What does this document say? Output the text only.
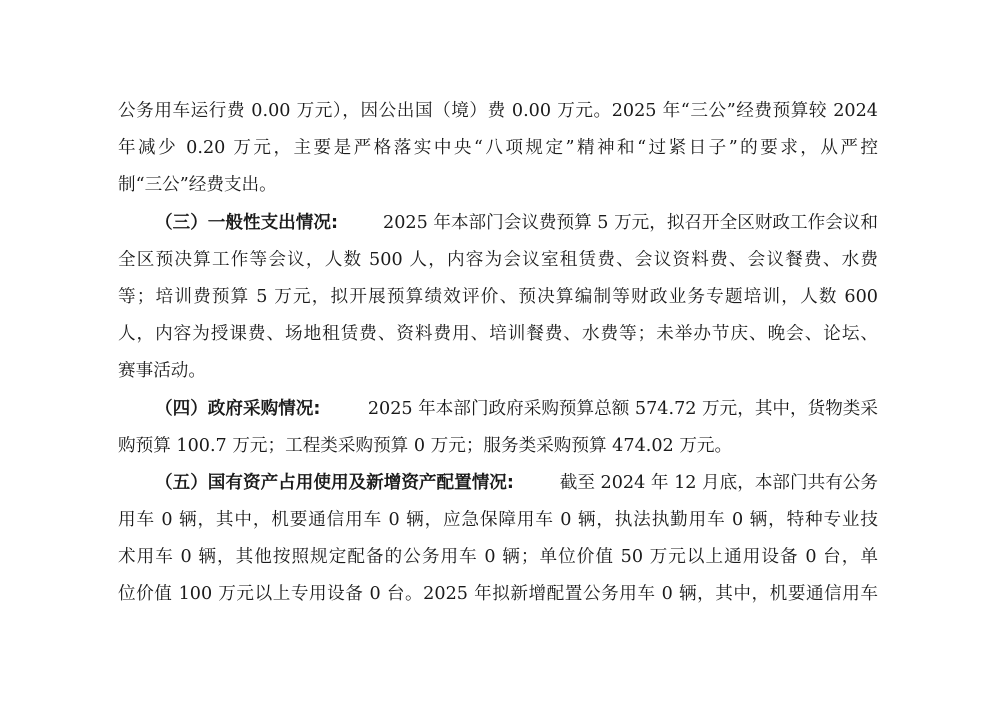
公务用车运行费 0.00 万元），因公出国（境）费 0.00 万元。2025 年“三公”经费预算较 2024
年减少 0.20 万元，主要是严格落实中央“八项规定”精神和“过紧日子”的要求，从严控
制“三公”经费支出。
（三）一般性支出情况:	2025 年本部门会议费预算 5 万元，拟召开全区财政工作会议和
全区预决算工作等会议，人数 500 人，内容为会议室租赁费、会议资料费、会议餐费、水费
等；培训费预算 5 万元，拟开展预算绩效评价、预决算编制等财政业务专题培训，人数 600
人，内容为授课费、场地租赁费、资料费用、培训餐费、水费等；未举办节庆、晚会、论坛、
赛事活动。
（四）政府采购情况:	2025 年本部门政府采购预算总额 574.72 万元，其中，货物类采
购预算 100.7 万元；工程类采购预算 0 万元；服务类采购预算 474.02 万元。
（五）国有资产占用使用及新增资产配置情况:	截至 2024 年 12 月底，本部门共有公务
用车 0 辆，其中，机要通信用车 0 辆，应急保障用车 0 辆，执法执勤用车 0 辆，特种专业技
术用车 0 辆，其他按照规定配备的公务用车 0 辆；单位价值 50 万元以上通用设备 0 台，单
位价值 100 万元以上专用设备 0 台。2025 年拟新增配置公务用车 0 辆，其中，机要通信用车
